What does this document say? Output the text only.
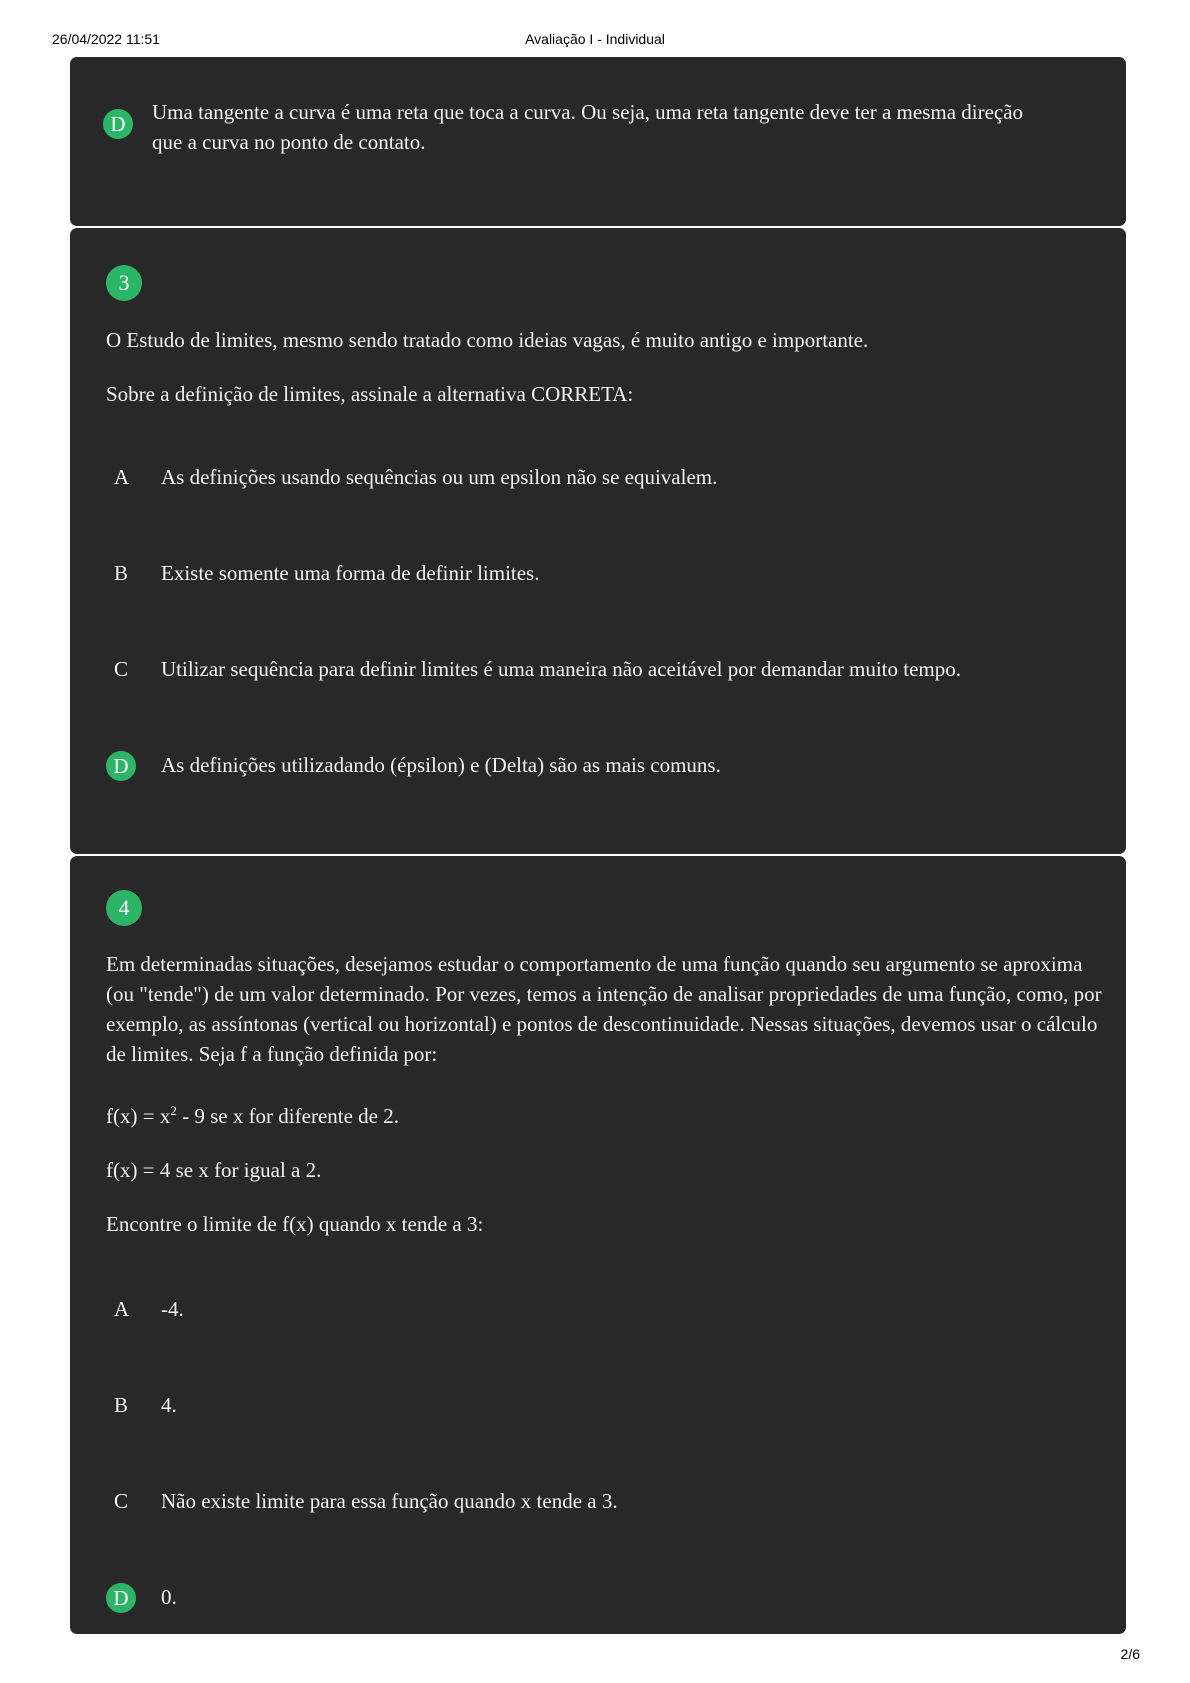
26/04/2022 11:51	Avaliação I - Individual
D	Uma tangente a curva é uma reta que toca a curva. Ou seja, uma reta tangente deve ter a mesma direção que a curva no ponto de contato.
3
O Estudo de limites, mesmo sendo tratado como ideias vagas, é muito antigo e importante.
Sobre a definição de limites, assinale a alternativa CORRETA:
A As definições usando sequências ou um epsilon não se equivalem.
B Existe somente uma forma de definir limites.
C Utilizar sequência para definir limites é uma maneira não aceitável por demandar muito tempo.
D	As definições utilizadando (épsilon) e (Delta) são as mais comuns.
4
Em determinadas situações, desejamos estudar o comportamento de uma função quando seu argumento se aproxima (ou "tende") de um valor determinado. Por vezes, temos a intenção de analisar propriedades de uma função, como, por exemplo, as assíntonas (vertical ou horizontal) e pontos de descontinuidade. Nessas situações, devemos usar o cálculo de limites. Seja f a função definida por:
$f(x) = x^2 - 9$ se x for diferente de 2.
f(x) = 4 se x for igual a 2.
Encontre o limite de f(x) quando x tende a 3:
A -4.
B 4.
C Não existe limite para essa função quando x tende a 3.
D	0.
2/6
